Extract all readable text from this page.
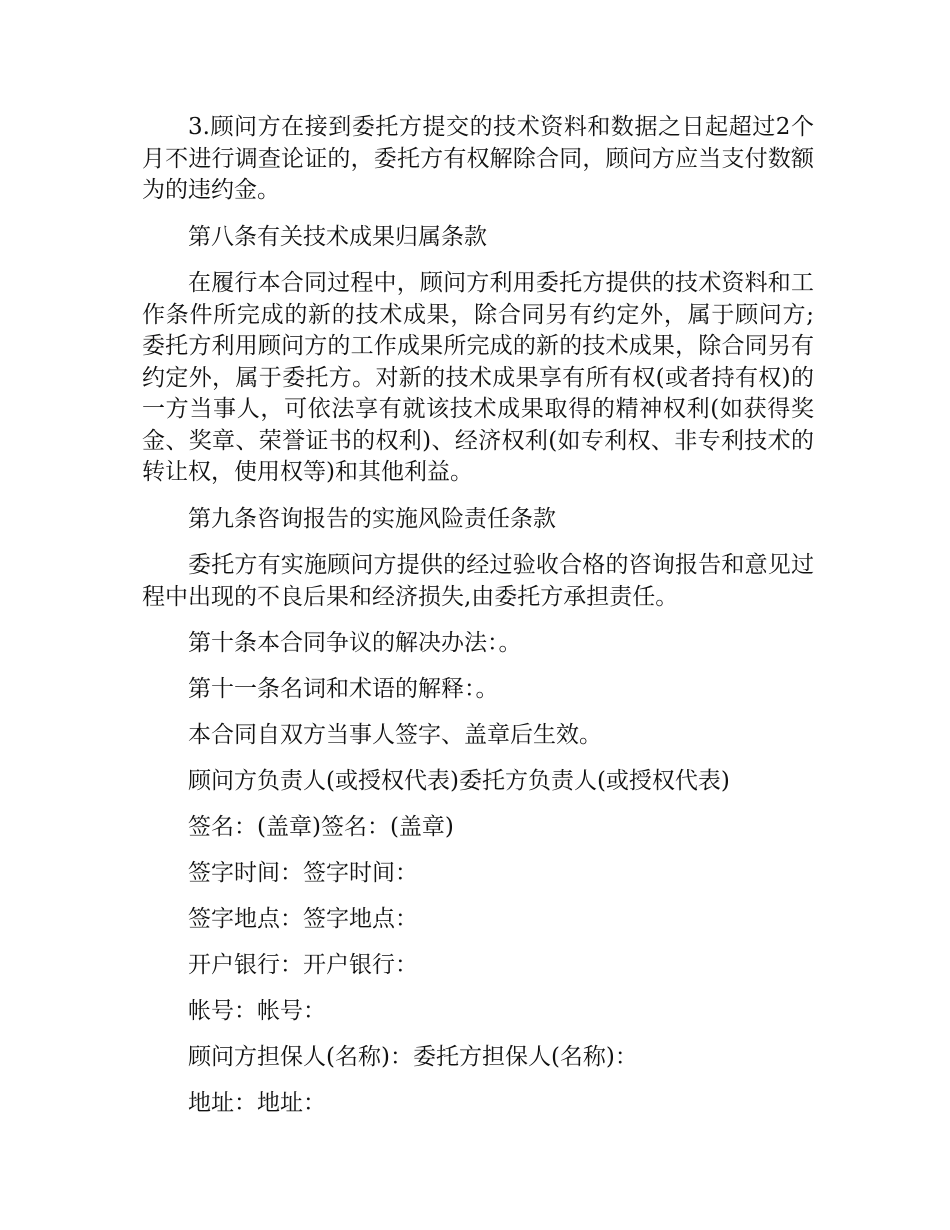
3.顾问方在接到委托方提交的技术资料和数据之日起超过2个月不进行调查论证的，委托方有权解除合同，顾问方应当支付数额为的违约金。

第八条有关技术成果归属条款

在履行本合同过程中，顾问方利用委托方提供的技术资料和工作条件所完成的新的技术成果，除合同另有约定外，属于顾问方;委托方利用顾问方的工作成果所完成的新的技术成果，除合同另有约定外，属于委托方。对新的技术成果享有所有权(或者持有权)的一方当事人，可依法享有就该技术成果取得的精神权利(如获得奖金、奖章、荣誉证书的权利)、经济权利(如专利权、非专利技术的转让权，使用权等)和其他利益。

第九条咨询报告的实施风险责任条款

委托方有实施顾问方提供的经过验收合格的咨询报告和意见过程中出现的不良后果和经济损失,由委托方承担责任。

第十条本合同争议的解决办法：。

第十一条名词和术语的解释：。

本合同自双方当事人签字、盖章后生效。

顾问方负责人(或授权代表)委托方负责人(或授权代表)

签名：(盖章)签名：(盖章)

签字时间：签字时间：

签字地点：签字地点：

开户银行：开户银行：

帐号：帐号：

顾问方担保人(名称)：委托方担保人(名称)：

地址：地址：
